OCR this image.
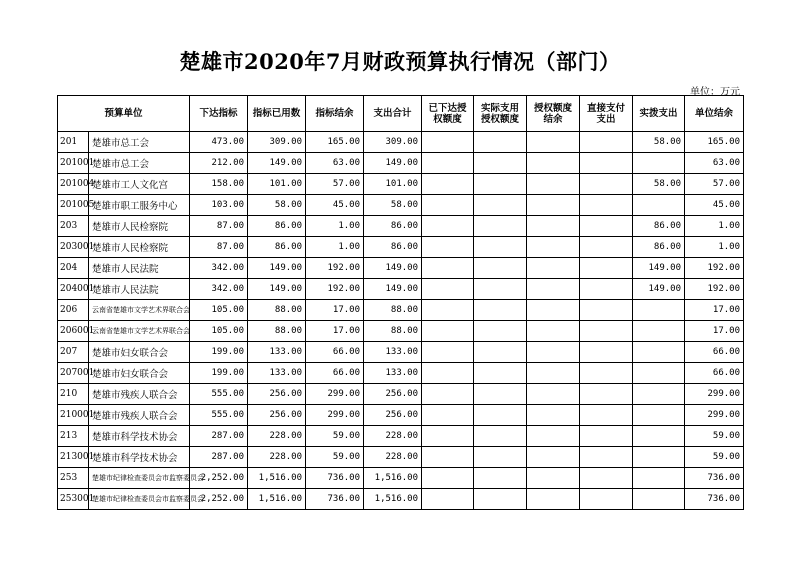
楚雄市2020年7月财政预算执行情况（部门）
单位：万元
预算单位		下达指标	指标已用数	指标结余	支出合计	已下达授权额度	实际支用授权额度	授权额度结余	直接支付支出	实拨支出	单位结余
201	楚雄市总工会	473.00	309.00	165.00	309.00					58.00	165.00
201001	楚雄市总工会	212.00	149.00	63.00	149.00						63.00
201004	楚雄市工人文化宫	158.00	101.00	57.00	101.00					58.00	57.00
201005	楚雄市职工服务中心	103.00	58.00	45.00	58.00						45.00
203	楚雄市人民检察院	87.00	86.00	1.00	86.00					86.00	1.00
203001	楚雄市人民检察院	87.00	86.00	1.00	86.00					86.00	1.00
204	楚雄市人民法院	342.00	149.00	192.00	149.00					149.00	192.00
204001	楚雄市人民法院	342.00	149.00	192.00	149.00					149.00	192.00
206	云南省楚雄市文学艺术界联合会	105.00	88.00	17.00	88.00						17.00
206001	云南省楚雄市文学艺术界联合会	105.00	88.00	17.00	88.00						17.00
207	楚雄市妇女联合会	199.00	133.00	66.00	133.00						66.00
207001	楚雄市妇女联合会	199.00	133.00	66.00	133.00						66.00
210	楚雄市残疾人联合会	555.00	256.00	299.00	256.00						299.00
210001	楚雄市残疾人联合会	555.00	256.00	299.00	256.00						299.00
213	楚雄市科学技术协会	287.00	228.00	59.00	228.00						59.00
213001	楚雄市科学技术协会	287.00	228.00	59.00	228.00						59.00
253	楚雄市纪律检查委员会市监察委员会	2,252.00	1,516.00	736.00	1,516.00						736.00
253001	楚雄市纪律检查委员会市监察委员会	2,252.00	1,516.00	736.00	1,516.00						736.00
